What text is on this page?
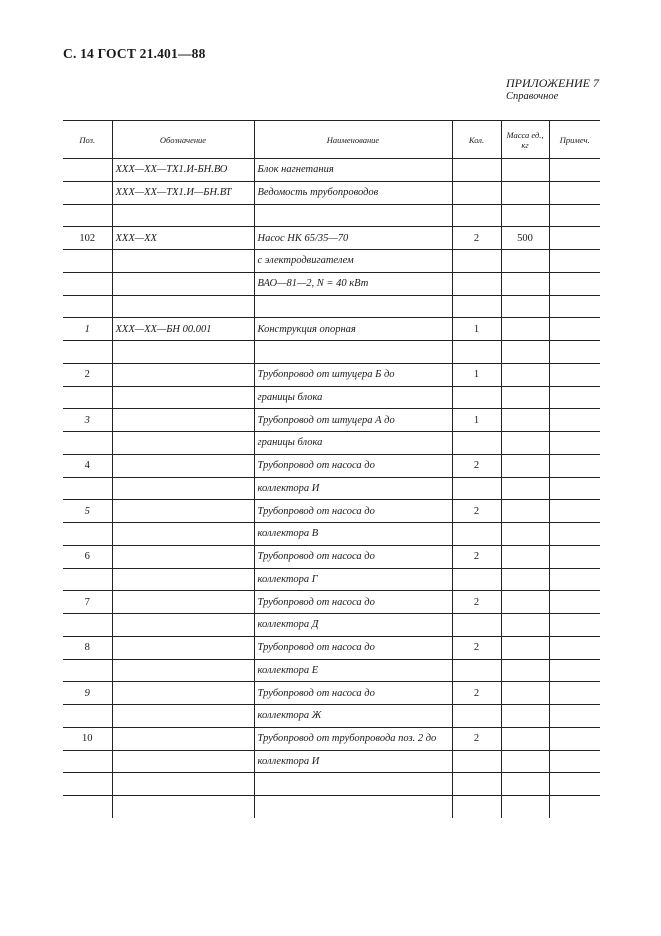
С. 14 ГОСТ 21.401—88
ПРИЛОЖЕНИЕ 7
Справочное
Поз.	Обозначение	Наименование	Кол.	Масса ед., кг	Примеч.
	ХХХ—ХХ—ТХ1.И-БН.ВО	Блок нагнетания			
	ХХХ—ХХ—ТХ1.И—БН.ВТ	Ведомость трубопроводов			

102	ХХХ—ХХ	Насос НК 65/35—70	2	500	
		с электродвигателем			
		ВАО—81—2, N = 40 кВт			

1	ХХХ—ХХ—БН 00.001	Конструкция опорная	1		

2		Трубопровод от штуцера Б до	1		
		границы блока			
3		Трубопровод от штуцера А до	1		
		границы блока			
4		Трубопровод от насоса до	2		
		коллектора И			
5		Трубопровод от насоса до	2		
		коллектора В			
6		Трубопровод от насоса до	2		
		коллектора Г			
7		Трубопровод от насоса до	2		
		коллектора Д			
8		Трубопровод от насоса до	2		
		коллектора Е			
9		Трубопровод от насоса до	2		
		коллектора Ж			
10		Трубопровод от трубопровода поз. 2 до	2		
		коллектора И			
